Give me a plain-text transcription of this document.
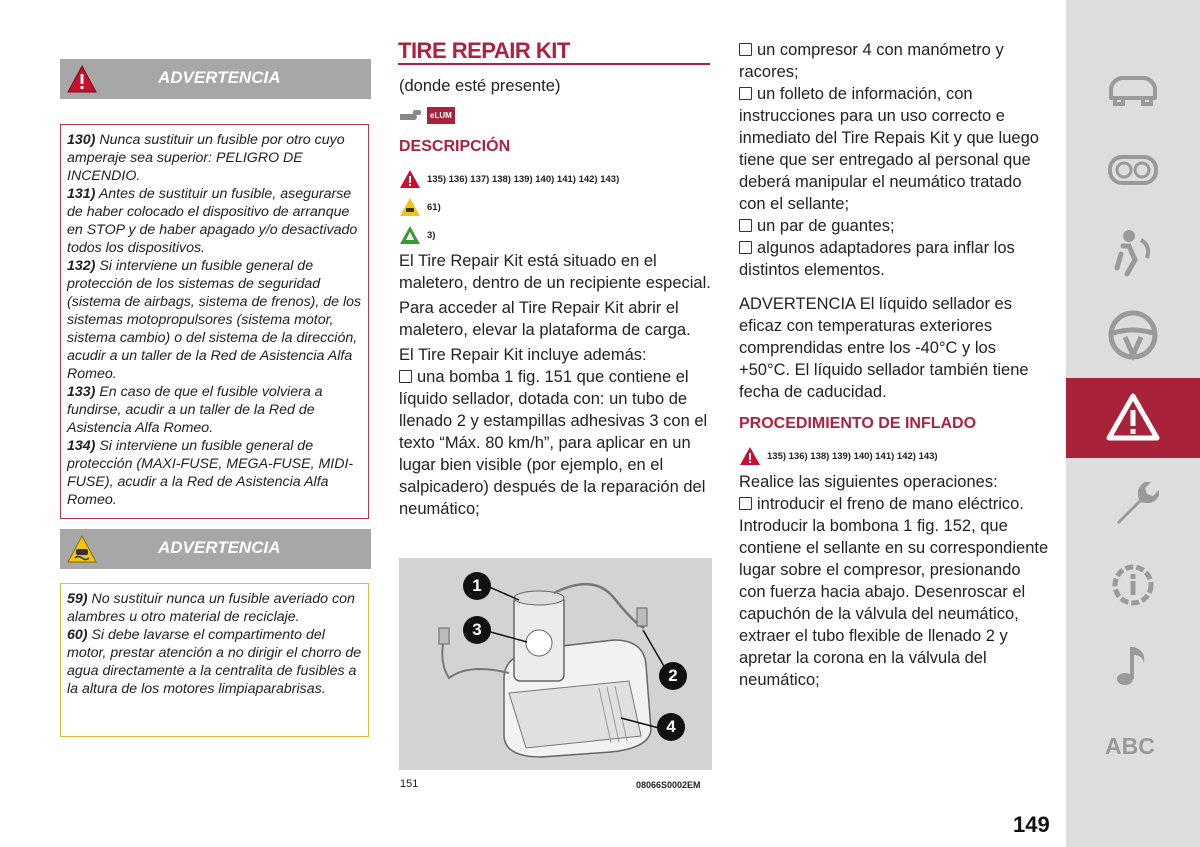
ADVERTENCIA

130) Nunca sustituir un fusible por otro cuyo amperaje sea superior: PELIGRO DE INCENDIO.

131) Antes de sustituir un fusible, asegurarse de haber colocado el dispositivo de arranque en STOP y de haber apagado y/o desactivado todos los dispositivos.

132) Si interviene un fusible general de protección de los sistemas de seguridad (sistema de airbags, sistema de frenos), de los sistemas motopropulsores (sistema motor, sistema cambio) o del sistema de la dirección, acudir a un taller de la Red de Asistencia Alfa Romeo.

133) En caso de que el fusible volviera a fundirse, acudir a un taller de la Red de Asistencia Alfa Romeo.

134) Si interviene un fusible general de protección (MAXI-FUSE, MEGA-FUSE, MIDI-FUSE), acudir a la Red de Asistencia Alfa Romeo.

ADVERTENCIA

59) No sustituir nunca un fusible averiado con alambres u otro material de reciclaje.

60) Si debe lavarse el compartimento del motor, prestar atención a no dirigir el chorro de agua directamente a la centralita de fusibles a la altura de los motores limpiaparabrisas.

TIRE REPAIR KIT
(donde esté presente)
eLUM
DESCRIPCIÓN
135) 136) 137) 138) 139) 140) 141) 142) 143)
61)
3)

El Tire Repair Kit está situado en el maletero, dentro de un recipiente especial.

Para acceder al Tire Repair Kit abrir el maletero, elevar la plataforma de carga.

El Tire Repair Kit incluye además:

una bomba 1 fig. 151 que contiene el líquido sellador, dotada con: un tubo de llenado 2 y estampillas adhesivas 3 con el texto “Máx. 80 km/h”, para aplicar en un lugar bien visible (por ejemplo, en el salpicadero) después de la reparación del neumático;

1
2
3
4
151	08066S0002EM

un compresor 4 con manómetro y racores;

un folleto de información, con instrucciones para un uso correcto e inmediato del Tire Repais Kit y que luego tiene que ser entregado al personal que deberá manipular el neumático tratado con el sellante;

un par de guantes;

algunos adaptadores para inflar los distintos elementos.

ADVERTENCIA El líquido sellador es eficaz con temperaturas exteriores comprendidas entre los -40°C y los +50°C. El líquido sellador también tiene fecha de caducidad.

PROCEDIMIENTO DE INFLADO
135) 136) 138) 139) 140) 141) 142) 143)

Realice las siguientes operaciones:

introducir el freno de mano eléctrico. Introducir la bombona 1 fig. 152, que contiene el sellante en su correspondiente lugar sobre el compresor, presionando con fuerza hacia abajo. Desenroscar el capuchón de la válvula del neumático, extraer el tubo flexible de llenado 2 y apretar la corona en la válvula del neumático;

149
ABC
